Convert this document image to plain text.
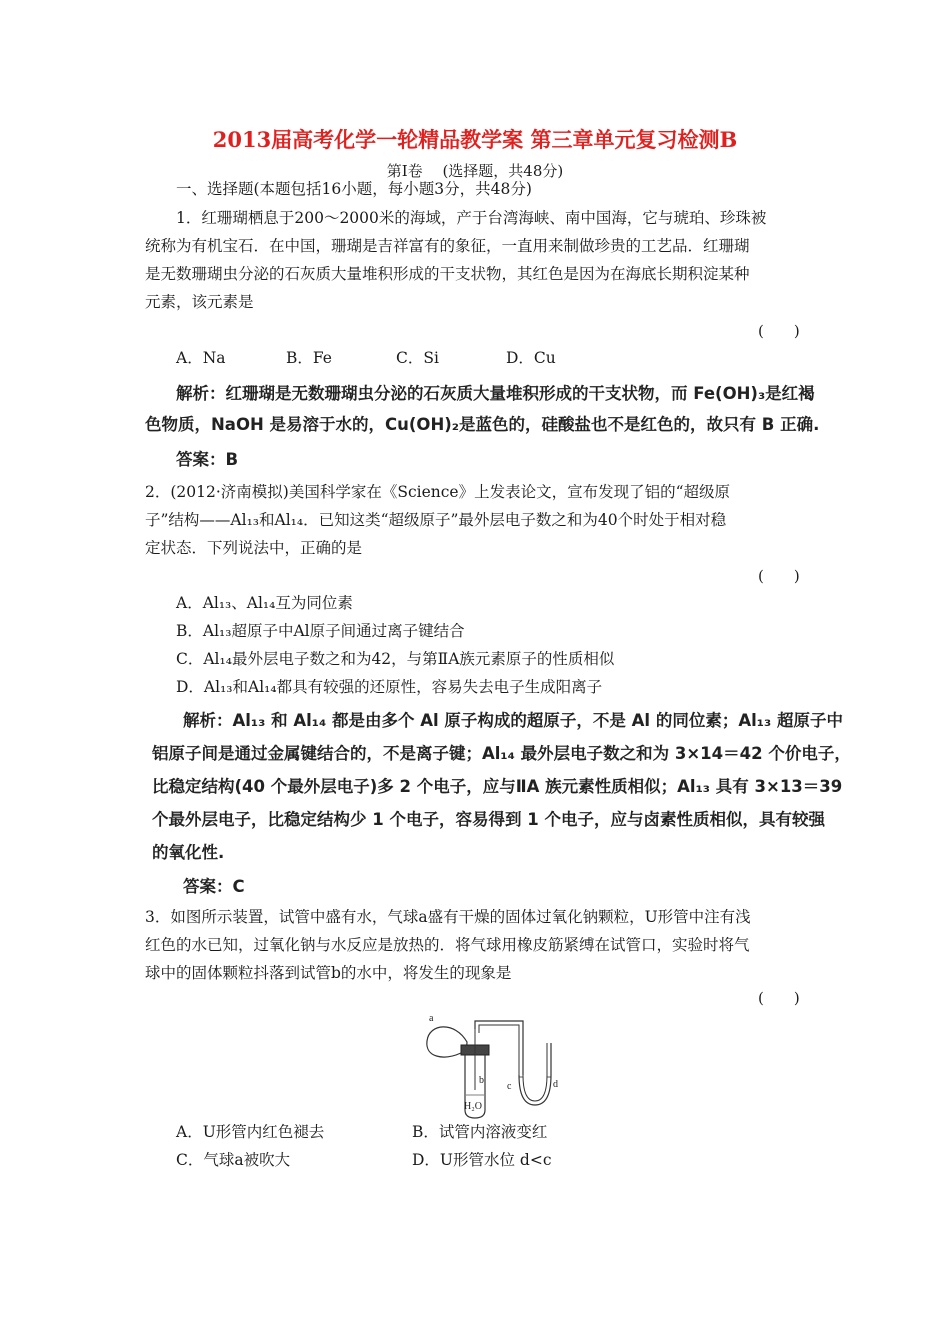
2013届高考化学一轮精品教学案 第三章单元复习检测B
第Ⅰ卷　 (选择题，共48分)
一、选择题(本题包括16小题，每小题3分，共48分)
1．红珊瑚栖息于200～2000米的海域，产于台湾海峡、南中国海，它与琥珀、珍珠被
统称为有机宝石．在中国，珊瑚是吉祥富有的象征，一直用来制做珍贵的工艺品．红珊瑚
是无数珊瑚虫分泌的石灰质大量堆积形成的干支状物，其红色是因为在海底长期积淀某种
元素，该元素是
(　　)
A．Na	B．Fe	C．Si	D．Cu
解析：红珊瑚是无数珊瑚虫分泌的石灰质大量堆积形成的干支状物，而 Fe(OH)₃是红褐
色物质，NaOH 是易溶于水的，Cu(OH)₂是蓝色的，硅酸盐也不是红色的，故只有 B 正确.
答案：B
2．(2012·济南模拟)美国科学家在《Science》上发表论文，宣布发现了铝的“超级原
子”结构——Al₁₃和Al₁₄．已知这类“超级原子”最外层电子数之和为40个时处于相对稳
定状态．下列说法中，正确的是
(　　)
A．Al₁₃、Al₁₄互为同位素
B．Al₁₃超原子中Al原子间通过离子键结合
C．Al₁₄最外层电子数之和为42，与第ⅡA族元素原子的性质相似
D．Al₁₃和Al₁₄都具有较强的还原性，容易失去电子生成阳离子
解析：Al₁₃ 和 Al₁₄ 都是由多个 Al 原子构成的超原子，不是 Al 的同位素；Al₁₃ 超原子中
铝原子间是通过金属键结合的，不是离子键；Al₁₄ 最外层电子数之和为 3×14＝42 个价电子，
比稳定结构(40 个最外层电子)多 2 个电子，应与ⅡA 族元素性质相似；Al₁₃ 具有 3×13＝39
个最外层电子，比稳定结构少 1 个电子，容易得到 1 个电子，应与卤素性质相似，具有较强
的氧化性.
答案：C
3．如图所示装置，试管中盛有水，气球a盛有干燥的固体过氧化钠颗粒，U形管中注有浅
红色的水已知，过氧化钠与水反应是放热的．将气球用橡皮筋紧缚在试管口，实验时将气
球中的固体颗粒抖落到试管b的水中，将发生的现象是
(　　)
a
b
c	d
H₂O
A．U形管内红色褪去	B．试管内溶液变红
C．气球a被吹大	D．U形管水位 d<c
